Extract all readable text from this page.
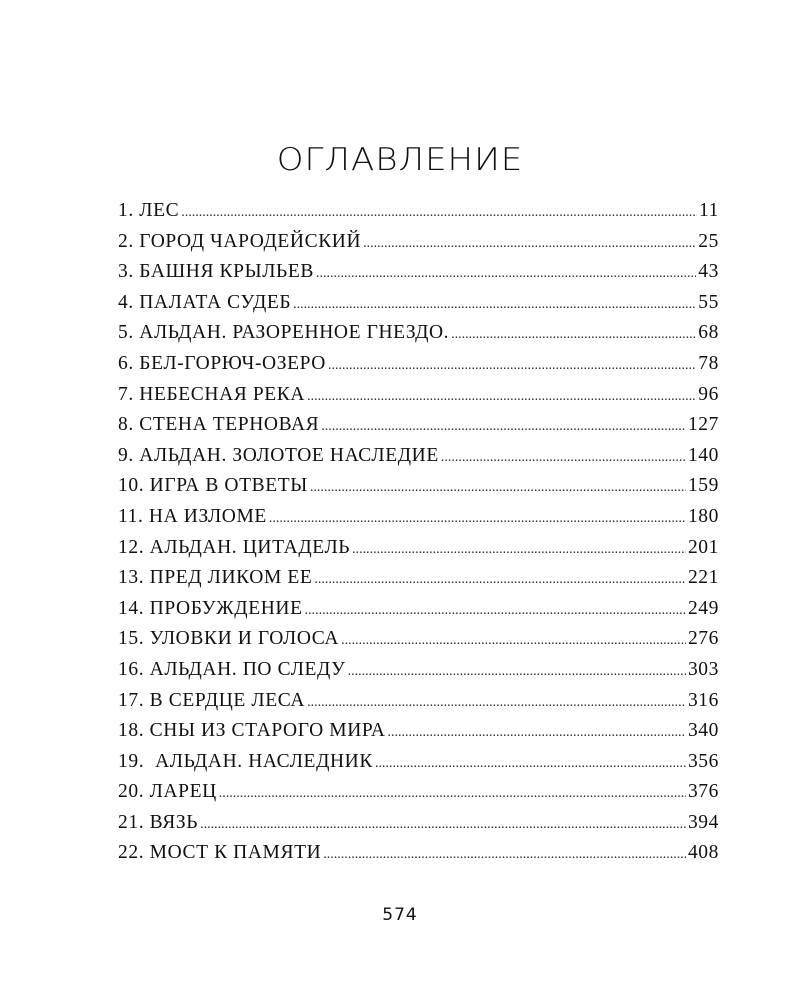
ОГЛАВЛЕНИЕ
1. ЛЕС .....	11
2. ГОРОД ЧАРОДЕЙСКИЙ .....	25
3. БАШНЯ КРЫЛЬЕВ .....	43
4. ПАЛАТА СУДЕБ .....	55
5. АЛЬДАН. РАЗОРЕННОЕ ГНЕЗДО. .....	68
6. БЕЛ-ГОРЮЧ-ОЗЕРО .....	78
7. НЕБЕСНАЯ РЕКА .....	96
8. СТЕНА ТЕРНОВАЯ .....	127
9. АЛЬДАН. ЗОЛОТОЕ НАСЛЕДИЕ .....	140
10. ИГРА В ОТВЕТЫ .....	159
11. НА ИЗЛОМЕ .....	180
12. АЛЬДАН. ЦИТАДЕЛЬ .....	201
13. ПРЕД ЛИКОМ ЕЕ .....	221
14. ПРОБУЖДЕНИЕ .....	249
15. УЛОВКИ И ГОЛОСА .....	276
16. АЛЬДАН. ПО СЛЕДУ .....	303
17. В СЕРДЦЕ ЛЕСА .....	316
18. СНЫ ИЗ СТАРОГО МИРА .....	340
19.  АЛЬДАН. НАСЛЕДНИК .....	356
20. ЛАРЕЦ .....	376
21. ВЯЗЬ .....	394
22. МОСТ К ПАМЯТИ .....	408
574
